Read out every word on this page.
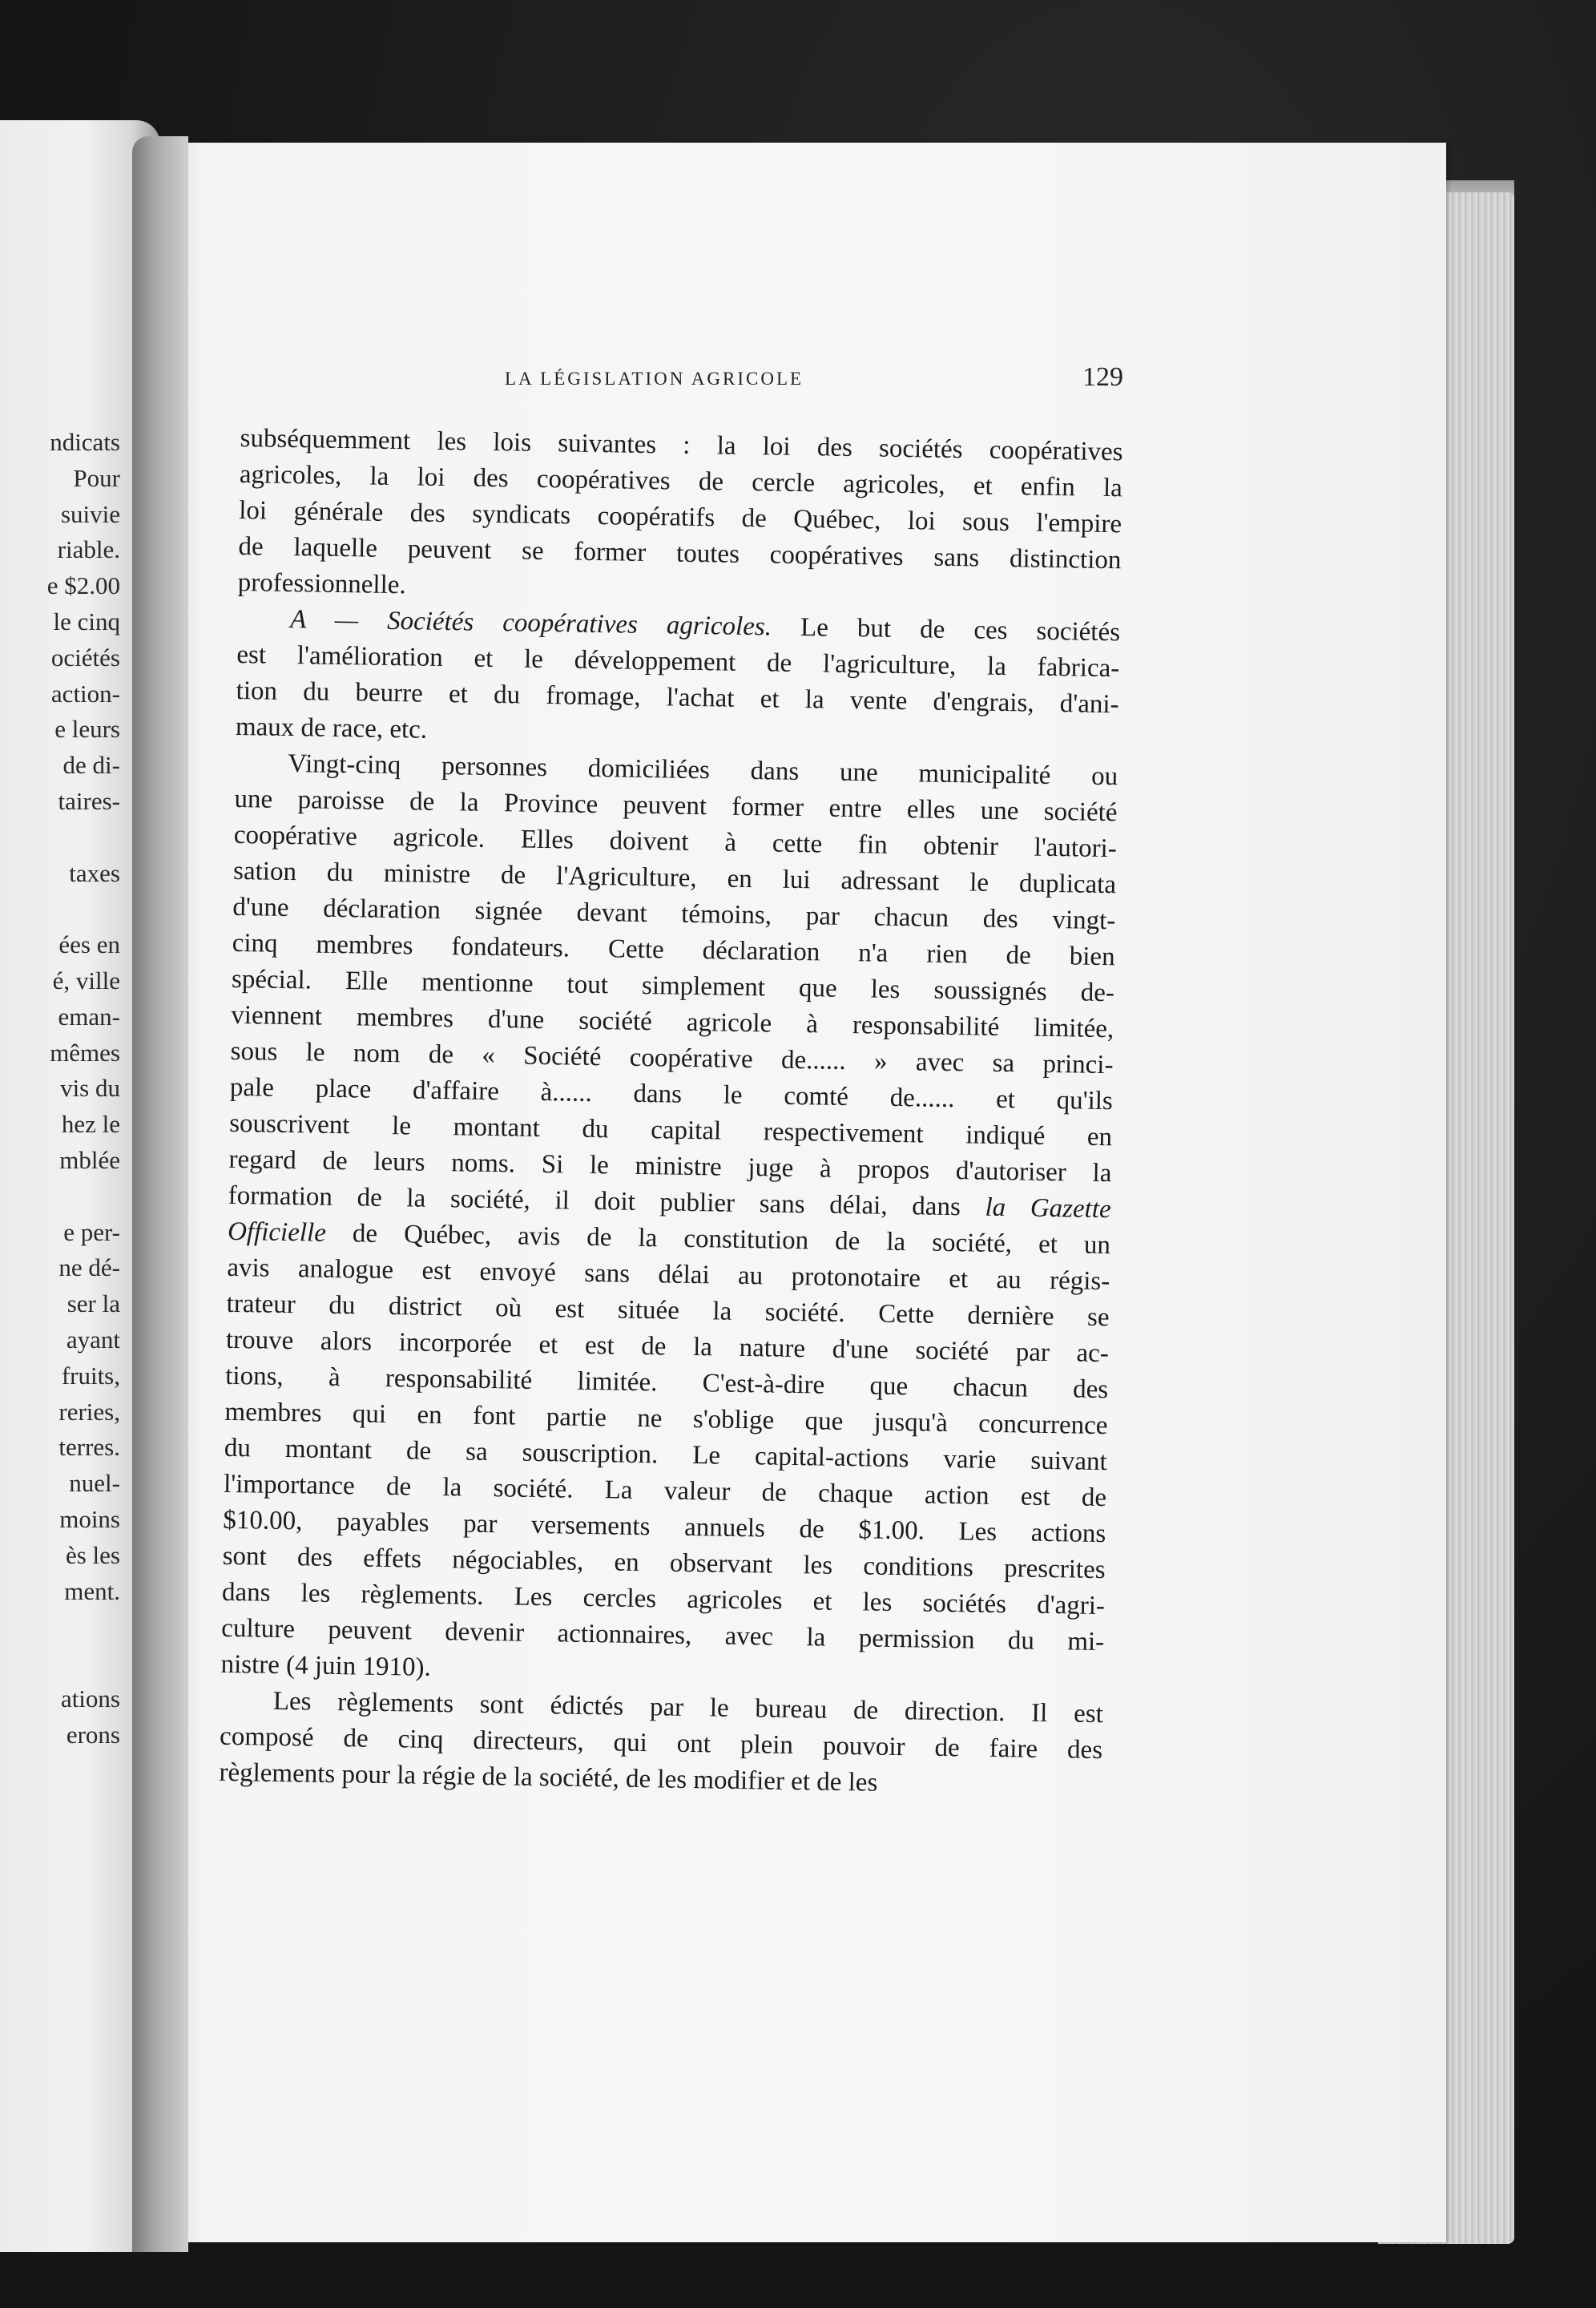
ndicats
Pour
suivie
riable.
e $2.00
le cinq
ociétés
action-
e leurs
de di-
taires-
taxes
ées en
é, ville
eman-
mêmes
vis du
hez le
mblée
e per-
ne dé-
ser la
ayant
fruits,
reries,
terres.
nuel-
moins
ès les
ment.
ations
erons
LA LÉGISLATION AGRICOLE	129
subséquemment les lois suivantes : la loi des sociétés coopératives
agricoles, la loi des coopératives de cercle agricoles, et enfin la
loi générale des syndicats coopératifs de Québec, loi sous l'empire
de laquelle peuvent se former toutes coopératives sans distinction
professionnelle.
A — Sociétés coopératives agricoles. Le but de ces sociétés
est l'amélioration et le développement de l'agriculture, la fabrica-
tion du beurre et du fromage, l'achat et la vente d'engrais, d'ani-
maux de race, etc.
Vingt-cinq personnes domiciliées dans une municipalité ou
une paroisse de la Province peuvent former entre elles une société
coopérative agricole. Elles doivent à cette fin obtenir l'autori-
sation du ministre de l'Agriculture, en lui adressant le duplicata
d'une déclaration signée devant témoins, par chacun des vingt-
cinq membres fondateurs. Cette déclaration n'a rien de bien
spécial. Elle mentionne tout simplement que les soussignés de-
viennent membres d'une société agricole à responsabilité limitée,
sous le nom de « Société coopérative de...... » avec sa princi-
pale place d'affaire à...... dans le comté de...... et qu'ils
souscrivent le montant du capital respectivement indiqué en
regard de leurs noms. Si le ministre juge à propos d'autoriser la
formation de la société, il doit publier sans délai, dans la Gazette
Officielle de Québec, avis de la constitution de la société, et un
avis analogue est envoyé sans délai au protonotaire et au régis-
trateur du district où est située la société. Cette dernière se
trouve alors incorporée et est de la nature d'une société par ac-
tions, à responsabilité limitée. C'est-à-dire que chacun des
membres qui en font partie ne s'oblige que jusqu'à concurrence
du montant de sa souscription. Le capital-actions varie suivant
l'importance de la société. La valeur de chaque action est de
$10.00, payables par versements annuels de $1.00. Les actions
sont des effets négociables, en observant les conditions prescrites
dans les règlements. Les cercles agricoles et les sociétés d'agri-
culture peuvent devenir actionnaires, avec la permission du mi-
nistre (4 juin 1910).
Les règlements sont édictés par le bureau de direction. Il est
composé de cinq directeurs, qui ont plein pouvoir de faire des
règlements pour la régie de la société, de les modifier et de les
